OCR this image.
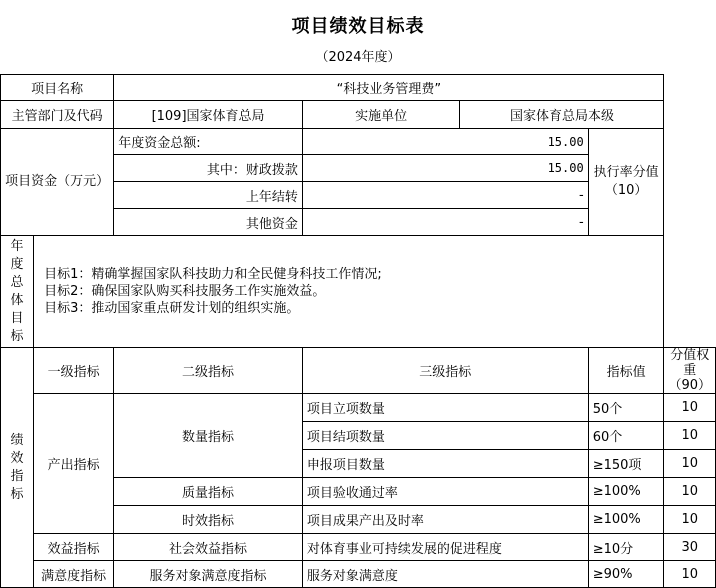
项目绩效目标表
（2024年度）
项目名称		“科技业务管理费”				
主管部门及代码		[109]国家体育总局	实施单位	国家体育总局本级		
项目资金（万元）		年度资金总额:	15.00		执行率分值（10）	
		其中：财政拨款	15.00			
		上年结转	-			
		其他资金	-			
年度总体目标	目标1：精确掌握国家队科技助力和全民健身科技工作情况;
目标2：确保国家队购买科技服务工作实施效益。
目标3：推动国家重点研发计划的组织实施。					

绩效指标	一级指标	二级指标	三级指标		指标值	分值权重（90）
	产出指标	数量指标	项目立项数量		50个	10
			项目结项数量		60个	10
			申报项目数量		≥150项	10
		质量指标	项目验收通过率		≥100%	10
		时效指标	项目成果产出及时率		≥100%	10
	效益指标	社会效益指标	对体育事业可持续发展的促进程度		≥10分	30
	满意度指标	服务对象满意度指标	服务对象满意度		≥90%	10
